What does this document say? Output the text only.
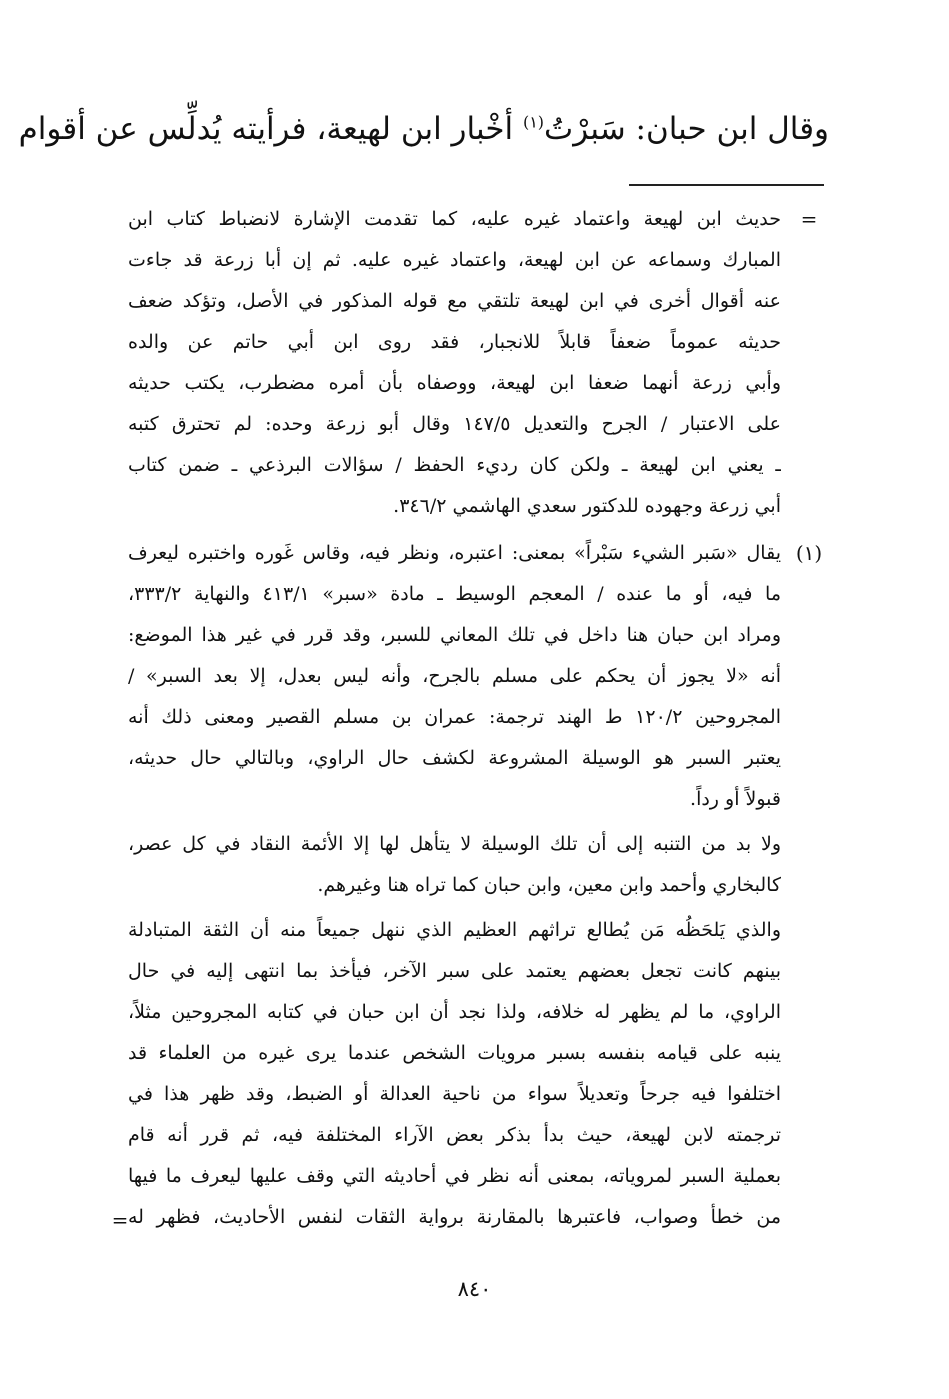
وقال ابن حبان: سَبرْتُ$^{(١)}$ أخْبار ابن لهيعة، فرأيته يُدلِّس عن أقوام
=
حديث ابن لهيعة واعتماد غيره عليه، كما تقدمت الإشارة لانضباط كتاب ابن
المبارك وسماعه عن ابن لهيعة، واعتماد غيره عليه. ثم إن أبا زرعة قد جاءت
عنه أقوال أخرى في ابن لهيعة تلتقي مع قوله المذكور في الأصل، وتؤكد ضعف
حديثه عموماً ضعفاً قابلاً للانجبار، فقد روى ابن أبي حاتم عن والده
وأبي زرعة أنهما ضعفا ابن لهيعة، ووصفاه بأن أمره مضطرب، يكتب حديثه
على الاعتبار / الجرح والتعديل ١٤٧/٥ وقال أبو زرعة وحده: لم تحترق كتبه
ـ يعني ابن لهيعة ـ ولكن كان رديء الحفظ / سؤالات البرذعي ـ ضمن كتاب
أبي زرعة وجهوده للدكتور سعدي الهاشمي ٣٤٦/٢.
(١)
يقال «سَبر الشيء سَبْراً» بمعنى: اعتبره، ونظر فيه، وقاس غَوره واختبره ليعرف
ما فيه، أو ما عنده / المعجم الوسيط ـ مادة «سبر» ٤١٣/١ والنهاية ٣٣٣/٢،
ومراد ابن حبان هنا داخل في تلك المعاني للسبر، وقد قرر في غير هذا الموضع:
أنه «لا يجوز أن يحكم على مسلم بالجرح، وأنه ليس بعدل، إلا بعد السبر» /
المجروحين ١٢٠/٢ ط الهند ترجمة: عمران بن مسلم القصير ومعنى ذلك أنه
يعتبر السبر هو الوسيلة المشروعة لكشف حال الراوي، وبالتالي حال حديثه،
قبولاً أو رداً.
ولا بد من التنبه إلى أن تلك الوسيلة لا يتأهل لها إلا الأئمة النقاد في كل عصر،
كالبخاري وأحمد وابن معين، وابن حبان كما تراه هنا وغيرهم.
والذي يَلحَظُه مَن يُطالع تراثهم العظيم الذي ننهل جميعاً منه أن الثقة المتبادلة
بينهم كانت تجعل بعضهم يعتمد على سبر الآخر، فيأخذ بما انتهى إليه في حال
الراوي، ما لم يظهر له خلافه، ولذا نجد أن ابن حبان في كتابه المجروحين مثلاً،
ينبه على قيامه بنفسه بسبر مرويات الشخص عندما يرى غيره من العلماء قد
اختلفوا فيه جرحاً وتعديلاً سواء من ناحية العدالة أو الضبط، وقد ظهر هذا في
ترجمته لابن لهيعة، حيث بدأ بذكر بعض الآراء المختلفة فيه، ثم قرر أنه قام
بعملية السبر لمروياته، بمعنى أنه نظر في أحاديثه التي وقف عليها ليعرف ما فيها
من خطأ وصواب، فاعتبرها بالمقارنة برواية الثقات لنفس الأحاديث، فظهر له
=
٨٤٠
